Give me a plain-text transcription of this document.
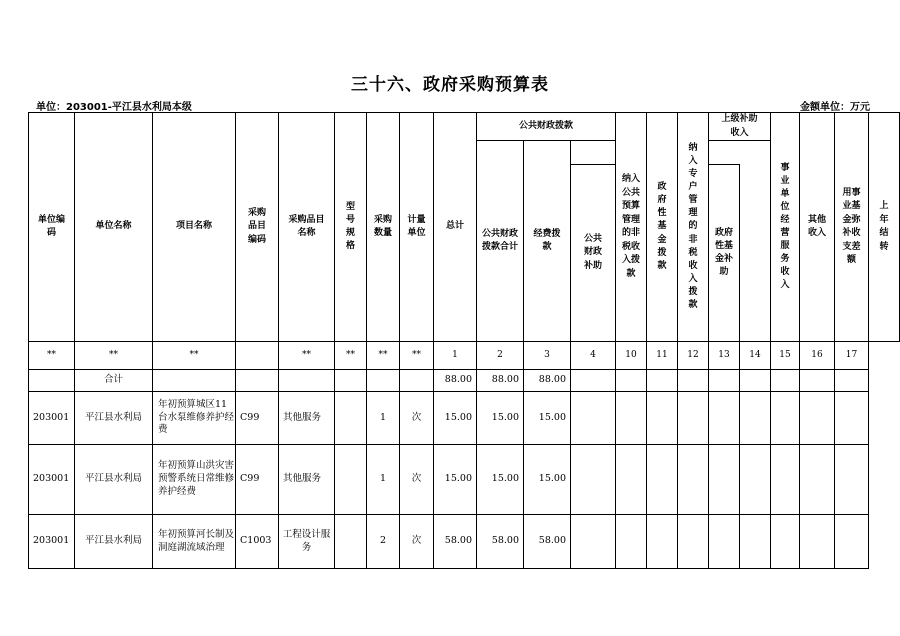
三十六、政府采购预算表
单位：203001-平江县水利局本级	金额单位：万元
单位编码	单位名称	项目名称	采购品目编码	采购品目名称	型号规格	采购数量	计量单位	总计	公共财政拨款			纳入公共预算管理的非税收入拨款	政府性基金拨款	纳入专户管理的非税收入拨款	上级补助收入		事业单位经营服务收入	其他收入	用事业基金弥补收支差额	上年结转
									公共财政拨款合计	经费拨款										
											公共财政补助				政府性基金补助					
**	**	**		**	**	**	**	1	2	3	4	10	11	12	13	14	15	16	17	
	合计							88.00	88.00	88.00										
203001	平江县水利局	年初预算城区11台水泵维修养护经费	C99	其他服务		1	次	15.00	15.00	15.00										
203001	平江县水利局	年初预算山洪灾害预警系统日常维修养护经费	C99	其他服务		1	次	15.00	15.00	15.00										
203001	平江县水利局	年初预算河长制及洞庭湖流域治理	C1003	工程设计服务		2	次	58.00	58.00	58.00										
